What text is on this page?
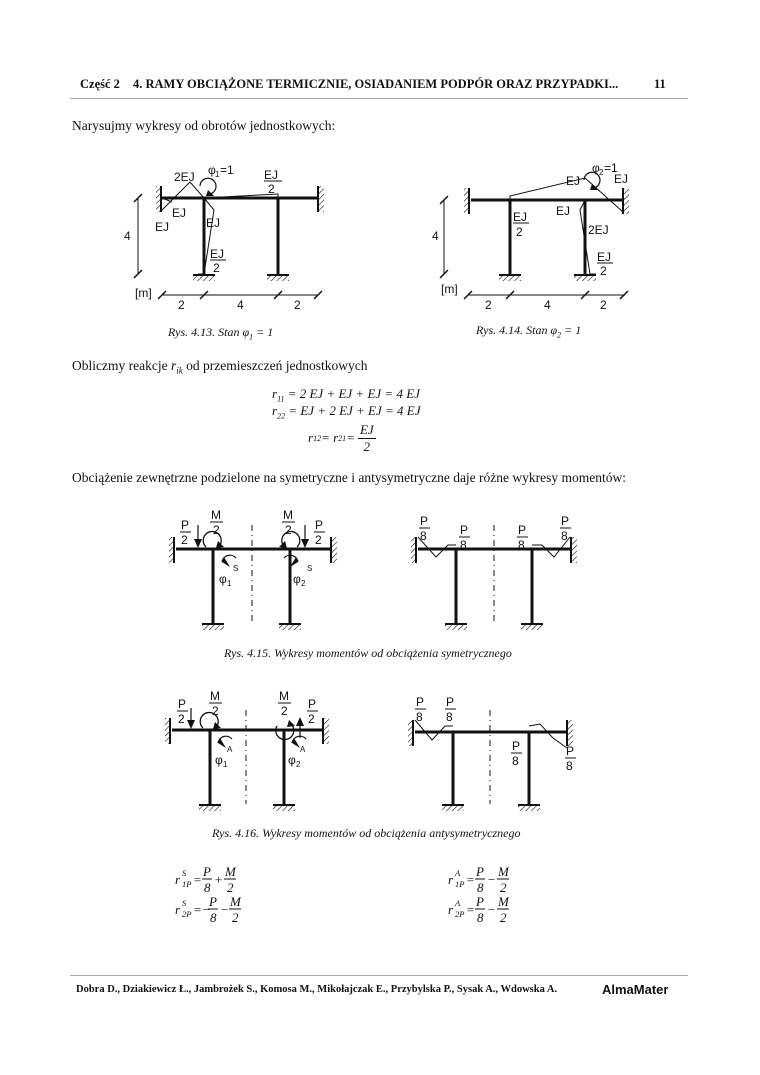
Część 2 4. RAMY OBCIĄŻONE TERMICZNIE, OSIADANIEM PODPÓR ORAZ PRZYPADKI...	11
Narysujmy wykresy od obrotów jednostkowych:
2EJ φ 1 =1	EJ
2
EJ
EJ	EJ
EJ
2
4
[m]
2	4	2
φ 2 =1
EJ	EJ
EJ
2EJ
EJ
2
EJ
2
4
[m]
2	4	2
Rys. 4.13. Stan $\varphi_1 = 1$	Rys. 4.14. Stan $\varphi_2 = 1$
Obliczmy reakcje $r_{ik}$ od przemieszczeń jednostkowych
$r_{11} = 2$ EJ + EJ + EJ = 4 EJ
$r_{22}$ = EJ + 2 EJ + EJ = 4 EJ
r 12 = r $21 = \frac{EJ}{2}$
Obciążenie zewnętrzne podzielone na symetryczne i antysymetryczne daje różne wykresy momentów:
P
2
M
2
M
2 P
2
φ 1
S
φ 2
S
P
8	P
8
P
8
P
8
Rys. 4.15. Wykresy momentów od obciążenia symetrycznego
P
2
M
2
M
2 P
2
φ 1
A
φ 2
A
P
8
P
8
P
8
P
8
Rys. 4.16. Wykresy momentów od obciążenia antysymetrycznego
r S
1P =
P
8
+
M
2
r S
2P =−
P
8
−
M
2
r A
1P =
P
8
−
M
2
r A
2P =
P
8
−
M
2
Dobra D., Dziakiewicz Ł., Jambrożek S., Komosa M., Mikołajczak E., Przybylska P., Sysak A., Wdowska A.	AlmaMater
